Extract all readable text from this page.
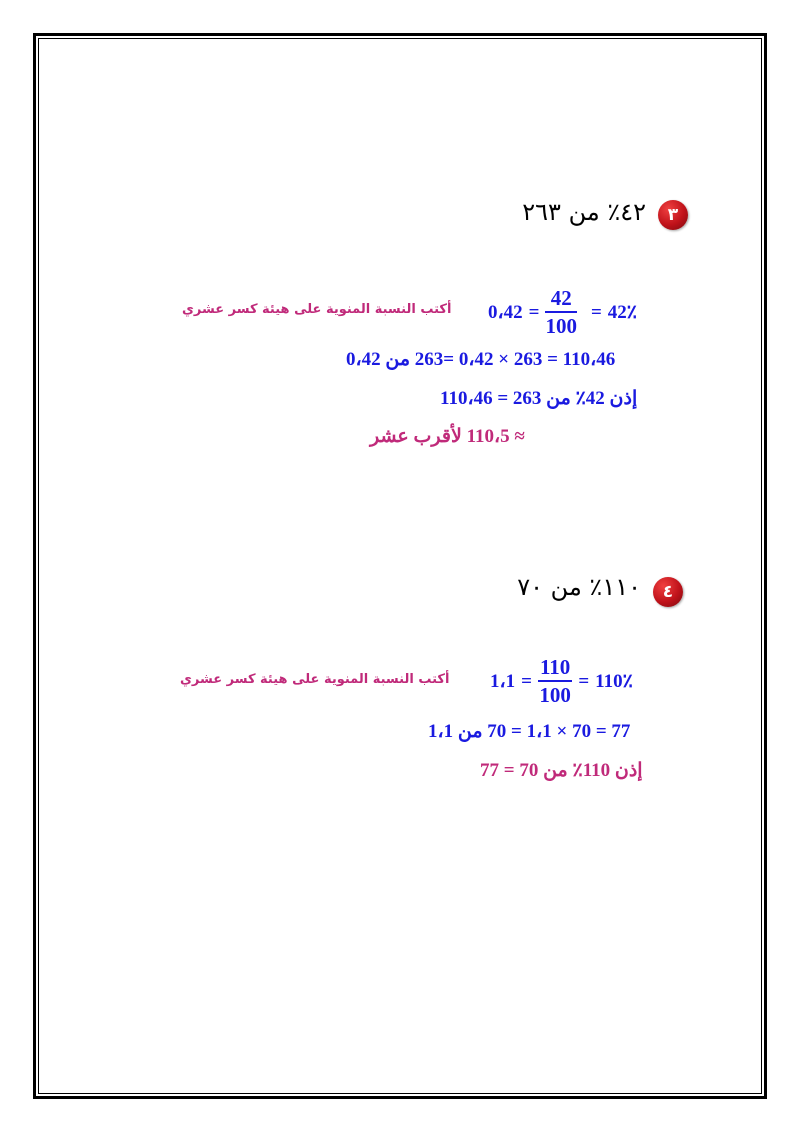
٣
٤٢٪ من ٢٦٣
0،42 = $\frac{42}{100}$ = 42٪
أكتب النسبة المنوية على هيئة كسر عشري
110،46 = 263 × 0،42 =263 من 0،42
إذن 42٪ من 263 = 110،46
≈ 110،5 لأقرب عشر
٤
١١٠٪ من ٧٠
1،1 = $\frac{110}{100}$ = 110٪
أكتب النسبة المنوية على هيئة كسر عشري
77 = 70 × 1،1 = 70 من 1،1
إذن 110٪ من 70 = 77
